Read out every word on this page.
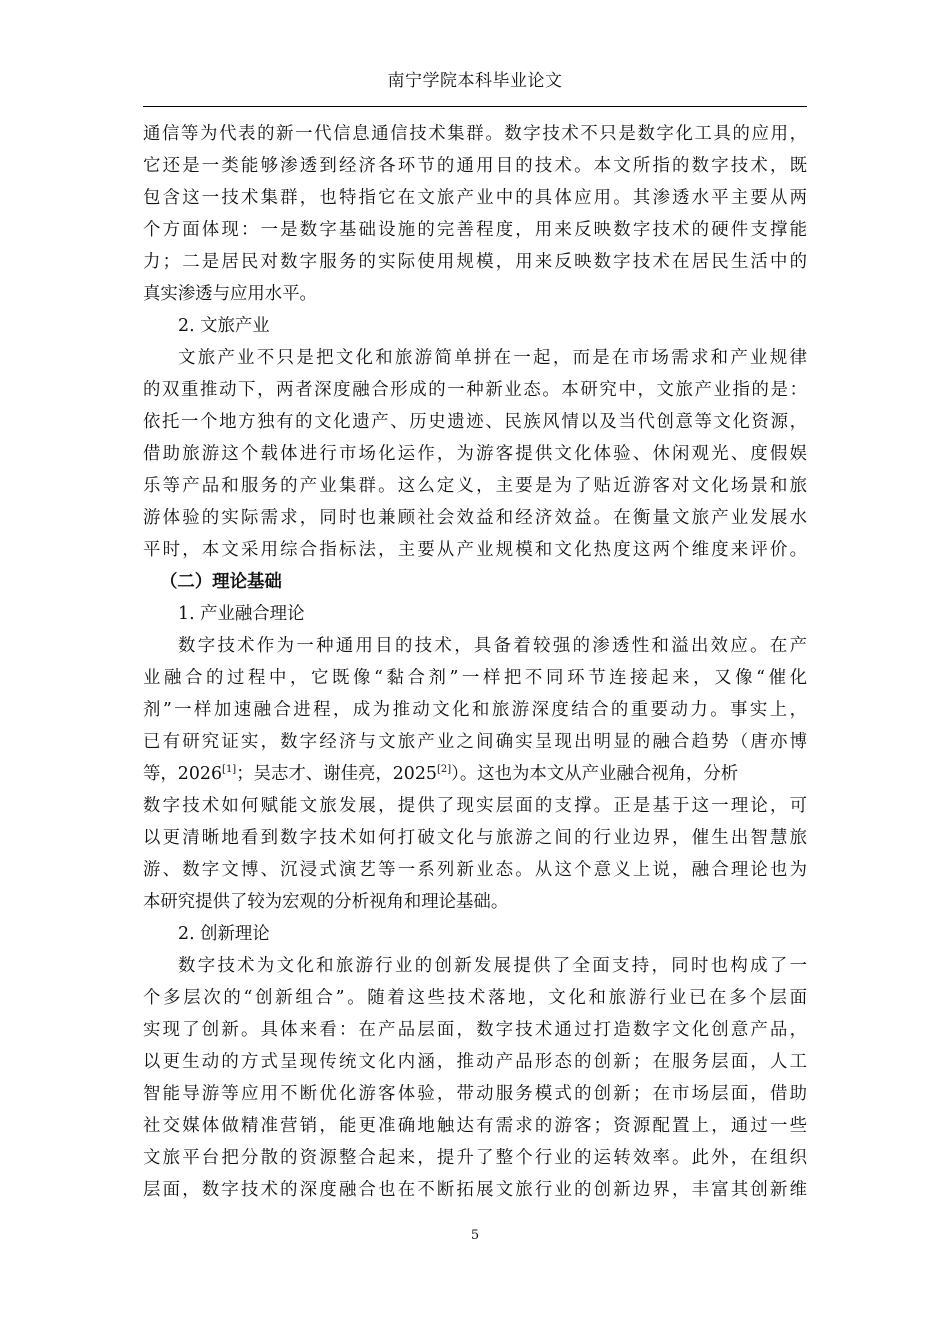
南宁学院本科毕业论文
通信等为代表的新一代信息通信技术集群。数字技术不只是数字化工具的应用，
它还是一类能够渗透到经济各环节的通用目的技术。本文所指的数字技术，既
包含这一技术集群，也特指它在文旅产业中的具体应用。其渗透水平主要从两
个方面体现：一是数字基础设施的完善程度，用来反映数字技术的硬件支撑能
力；二是居民对数字服务的实际使用规模，用来反映数字技术在居民生活中的
真实渗透与应用水平。
2. 文旅产业
文旅产业不只是把文化和旅游简单拼在一起，而是在市场需求和产业规律
的双重推动下，两者深度融合形成的一种新业态。本研究中，文旅产业指的是：
依托一个地方独有的文化遗产、历史遗迹、民族风情以及当代创意等文化资源，
借助旅游这个载体进行市场化运作，为游客提供文化体验、休闲观光、度假娱
乐等产品和服务的产业集群。这么定义，主要是为了贴近游客对文化场景和旅
游体验的实际需求，同时也兼顾社会效益和经济效益。在衡量文旅产业发展水
平时，本文采用综合指标法，主要从产业规模和文化热度这两个维度来评价。
（二）理论基础
1. 产业融合理论
数字技术作为一种通用目的技术，具备着较强的渗透性和溢出效应。在产
业融合的过程中，它既像“黏合剂”一样把不同环节连接起来，又像“催化
剂”一样加速融合进程，成为推动文化和旅游深度结合的重要动力。事实上，
已有研究证实，数字经济与文旅产业之间确实呈现出明显的融合趋势（唐亦博
等，2026[1]；吴志才、谢佳亮，2025[2]）。这也为本文从产业融合视角，分析
数字技术如何赋能文旅发展，提供了现实层面的支撑。正是基于这一理论，可
以更清晰地看到数字技术如何打破文化与旅游之间的行业边界，催生出智慧旅
游、数字文博、沉浸式演艺等一系列新业态。从这个意义上说，融合理论也为
本研究提供了较为宏观的分析视角和理论基础。
2. 创新理论
数字技术为文化和旅游行业的创新发展提供了全面支持，同时也构成了一
个多层次的“创新组合”。随着这些技术落地，文化和旅游行业已在多个层面
实现了创新。具体来看：在产品层面，数字技术通过打造数字文化创意产品，
以更生动的方式呈现传统文化内涵，推动产品形态的创新；在服务层面，人工
智能导游等应用不断优化游客体验，带动服务模式的创新；在市场层面，借助
社交媒体做精准营销，能更准确地触达有需求的游客；资源配置上，通过一些
文旅平台把分散的资源整合起来，提升了整个行业的运转效率。此外，在组织
层面，数字技术的深度融合也在不断拓展文旅行业的创新边界，丰富其创新维
5
